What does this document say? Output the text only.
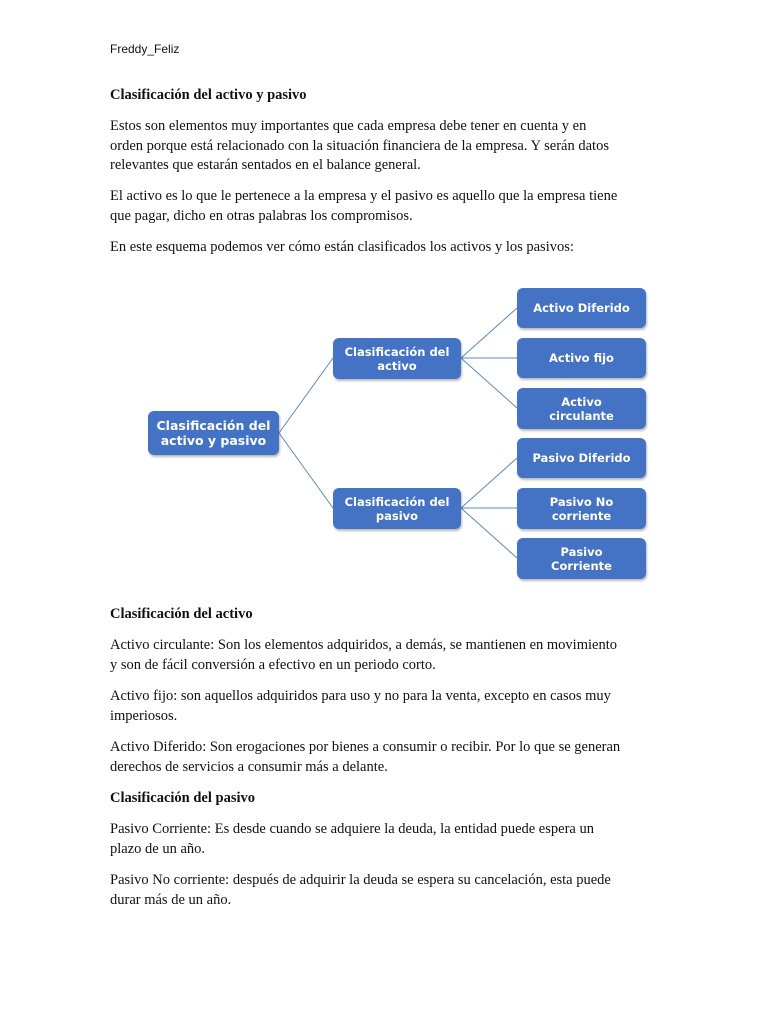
Freddy_Feliz
Clasificación del activo y pasivo
Estos son elementos muy importantes que cada empresa debe tener en cuenta y en
orden porque está relacionado con la situación financiera de la empresa. Y serán datos
relevantes que estarán sentados en el balance general.
El activo es lo que le pertenece a la empresa y el pasivo es aquello que la empresa tiene
que pagar, dicho en otras palabras los compromisos.
En este esquema podemos ver cómo están clasificados los activos y los pasivos:
Clasificación del
activo y pasivo
Clasificación del
activo
Clasificación del
pasivo
Activo Diferido
Activo fijo
Activo
circulante
Pasivo Diferido
Pasivo No
corriente
Pasivo
Corriente
Clasificación del activo
Activo circulante: Son los elementos adquiridos, a demás, se mantienen en movimiento
y son de fácil conversión a efectivo en un periodo corto.
Activo fijo: son aquellos adquiridos para uso y no para la venta, excepto en casos muy
imperiosos.
Activo Diferido: Son erogaciones por bienes a consumir o recibir. Por lo que se generan
derechos de servicios a consumir más a delante.
Clasificación del pasivo
Pasivo Corriente: Es desde cuando se adquiere la deuda, la entidad puede espera un
plazo de un año.
Pasivo No corriente: después de adquirir la deuda se espera su cancelación, esta puede
durar más de un año.
